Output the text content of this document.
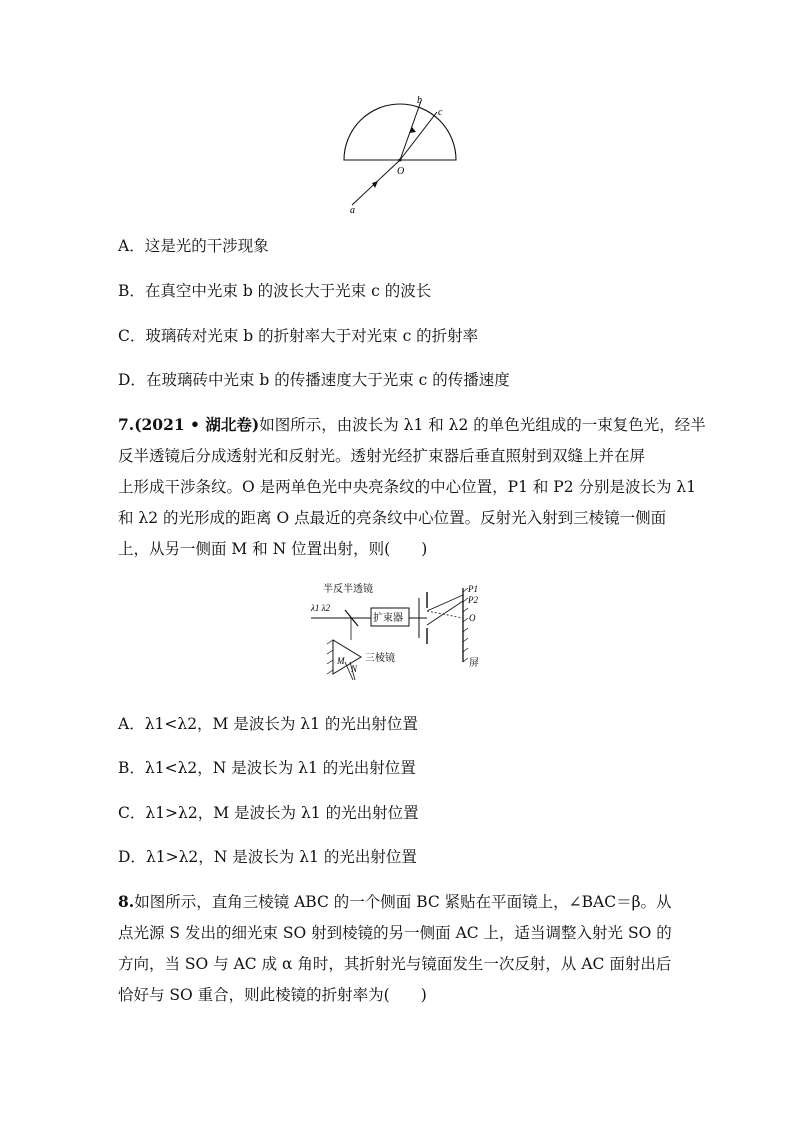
a
b
c
O
A．这是光的干涉现象
B．在真空中光束 b 的波长大于光束 c 的波长
C．玻璃砖对光束 b 的折射率大于对光束 c 的折射率
D．在玻璃砖中光束 b 的传播速度大于光束 c 的传播速度
7.(2021 • 湖北卷)如图所示，由波长为 λ1 和 λ2 的单色光组成的一束复色光，经半
反半透镜后分成透射光和反射光。透射光经扩束器后垂直照射到双缝上并在屏
上形成干涉条纹。O 是两单色光中央亮条纹的中心位置，P1 和 P2 分别是波长为 λ1
和 λ2 的光形成的距离 O 点最近的亮条纹中心位置。反射光入射到三棱镜一侧面
上，从另一侧面 M 和 N 位置出射，则(　　)
半反半透镜
λ1 λ2
扩束器
P1
P2
O
屏
M
N
三棱镜
A．λ1<λ2，M 是波长为 λ1 的光出射位置
B．λ1<λ2，N 是波长为 λ1 的光出射位置
C．λ1>λ2，M 是波长为 λ1 的光出射位置
D．λ1>λ2，N 是波长为 λ1 的光出射位置
8.如图所示，直角三棱镜 ABC 的一个侧面 BC 紧贴在平面镜上，∠BAC＝β。从
点光源 S 发出的细光束 SO 射到棱镜的另一侧面 AC 上，适当调整入射光 SO 的
方向，当 SO 与 AC 成 α 角时，其折射光与镜面发生一次反射，从 AC 面射出后
恰好与 SO 重合，则此棱镜的折射率为(　　)
